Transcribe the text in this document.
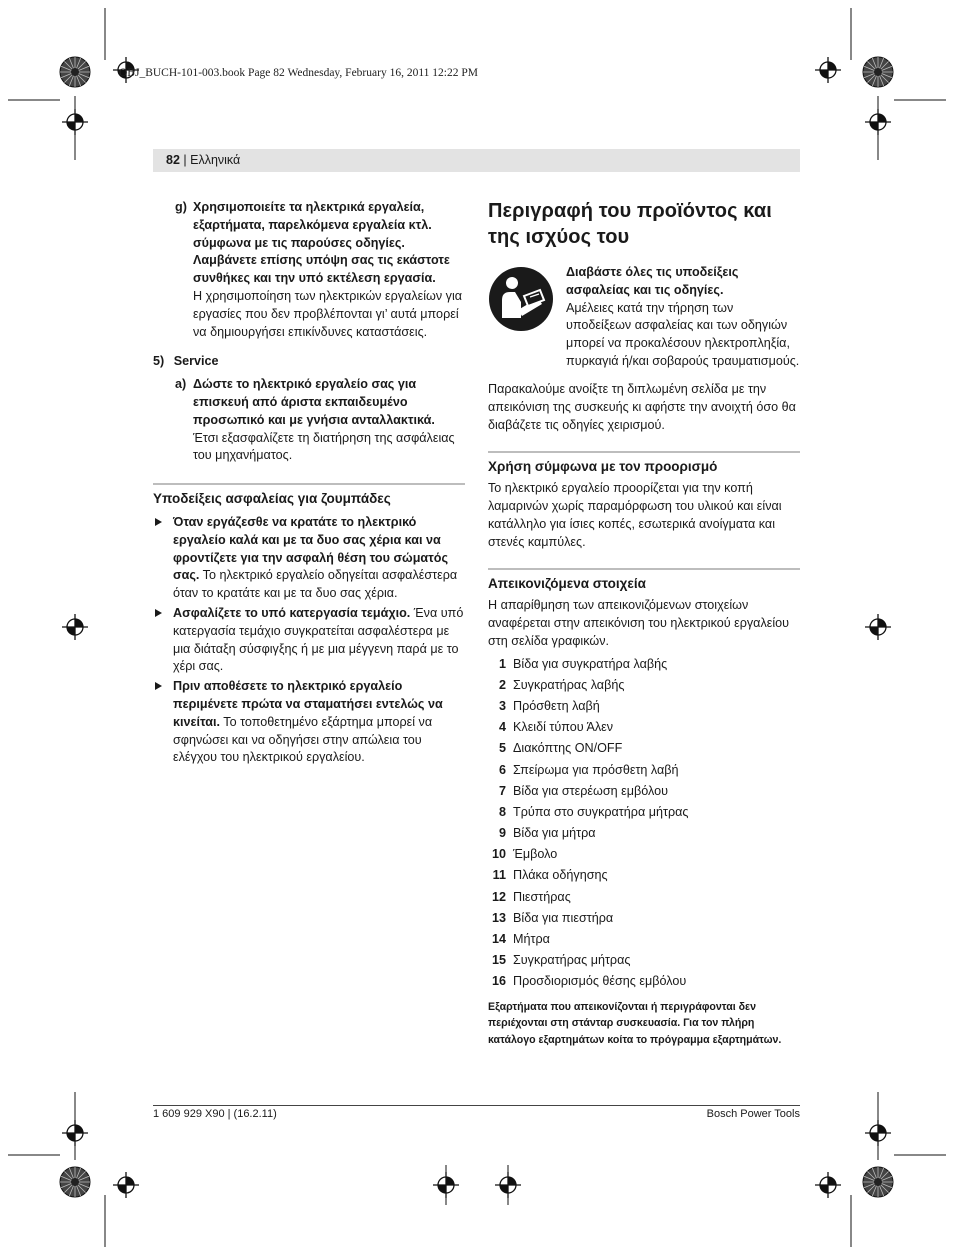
OBJ_BUCH-101-003.book Page 82 Wednesday, February 16, 2011 12:22 PM
82 | Ελληνικά
g) Χρησιμοποιείτε τα ηλεκτρικά εργαλεία, εξαρτήματα, παρελκόμενα εργαλεία κτλ. σύμφωνα με τις παρούσες οδηγίες. Λαμβάνετε επίσης υπόψη σας τις εκάστοτε συνθήκες και την υπό εκτέλεση εργασία.
Η χρησιμοποίηση των ηλεκτρικών εργαλείων για εργασίες που δεν προβλέπονται γι’ αυτά μπορεί να δημιουργήσει επικίνδυνες καταστάσεις.
5) Service
a) Δώστε το ηλεκτρικό εργαλείο σας για επισκευή από άριστα εκπαιδευμένο προσωπικό και με γνήσια ανταλλακτικά.
Έτσι εξασφαλίζετε τη διατήρηση της ασφάλειας του μηχανήματος.
Υποδείξεις ασφαλείας για ζουμπάδες
Όταν εργάζεσθε να κρατάτε το ηλεκτρικό εργαλείο καλά και με τα δυο σας χέρια και να φροντίζετε για την ασφαλή θέση του σώματός σας. Το ηλεκτρικό εργαλείο οδηγείται ασφαλέστερα όταν το κρατάτε και με τα δυο σας χέρια.
Ασφαλίζετε το υπό κατεργασία τεμάχιο. Ένα υπό κατεργασία τεμάχιο συγκρατείται ασφαλέστερα με μια διάταξη σύσφιγξης ή με μια μέγγενη παρά με το χέρι σας.
Πριν αποθέσετε το ηλεκτρικό εργαλείο περιμένετε πρώτα να σταματήσει εντελώς να κινείται. Το τοποθετημένο εξάρτημα μπορεί να σφηνώσει και να οδηγήσει στην απώλεια του ελέγχου του ηλεκτρικού εργαλείου.
Περιγραφή του προϊόντος και της ισχύος του
Διαβάστε όλες τις υποδείξεις ασφαλείας και τις οδηγίες.
Αμέλειες κατά την τήρηση των υποδείξεων ασφαλείας και των οδηγιών μπορεί να προκαλέσουν ηλεκτροπληξία, πυρκαγιά ή/και σοβαρούς τραυματισμούς.
Παρακαλούμε ανοίξτε τη διπλωμένη σελίδα με την απεικόνιση της συσκευής κι αφήστε την ανοιχτή όσο θα διαβάζετε τις οδηγίες χειρισμού.
Χρήση σύμφωνα με τον προορισμό
Το ηλεκτρικό εργαλείο προορίζεται για την κοπή λαμαρινών χωρίς παραμόρφωση του υλικού και είναι κατάλληλο για ίσιες κοπές, εσωτερικά ανοίγματα και στενές καμπύλες.
Απεικονιζόμενα στοιχεία
Η απαρίθμηση των απεικονιζόμενων στοιχείων αναφέρεται στην απεικόνιση του ηλεκτρικού εργαλείου στη σελίδα γραφικών.
1 Βίδα για συγκρατήρα λαβής
2 Συγκρατήρας λαβής
3 Πρόσθετη λαβή
4 Κλειδί τύπου Άλεν
5 Διακόπτης ON/OFF
6 Σπείρωμα για πρόσθετη λαβή
7 Βίδα για στερέωση εμβόλου
8 Τρύπα στο συγκρατήρα μήτρας
9 Βίδα για μήτρα
10 Έμβολο
11 Πλάκα οδήγησης
12 Πιεστήρας
13 Βίδα για πιεστήρα
14 Μήτρα
15 Συγκρατήρας μήτρας
16 Προσδιορισμός θέσης εμβόλου
Εξαρτήματα που απεικονίζονται ή περιγράφονται δεν περιέχονται στη στάνταρ συσκευασία. Για τον πλήρη κατάλογο εξαρτημάτων κοίτα το πρόγραμμα εξαρτημάτων.
1 609 929 X90 | (16.2.11)	Bosch Power Tools
